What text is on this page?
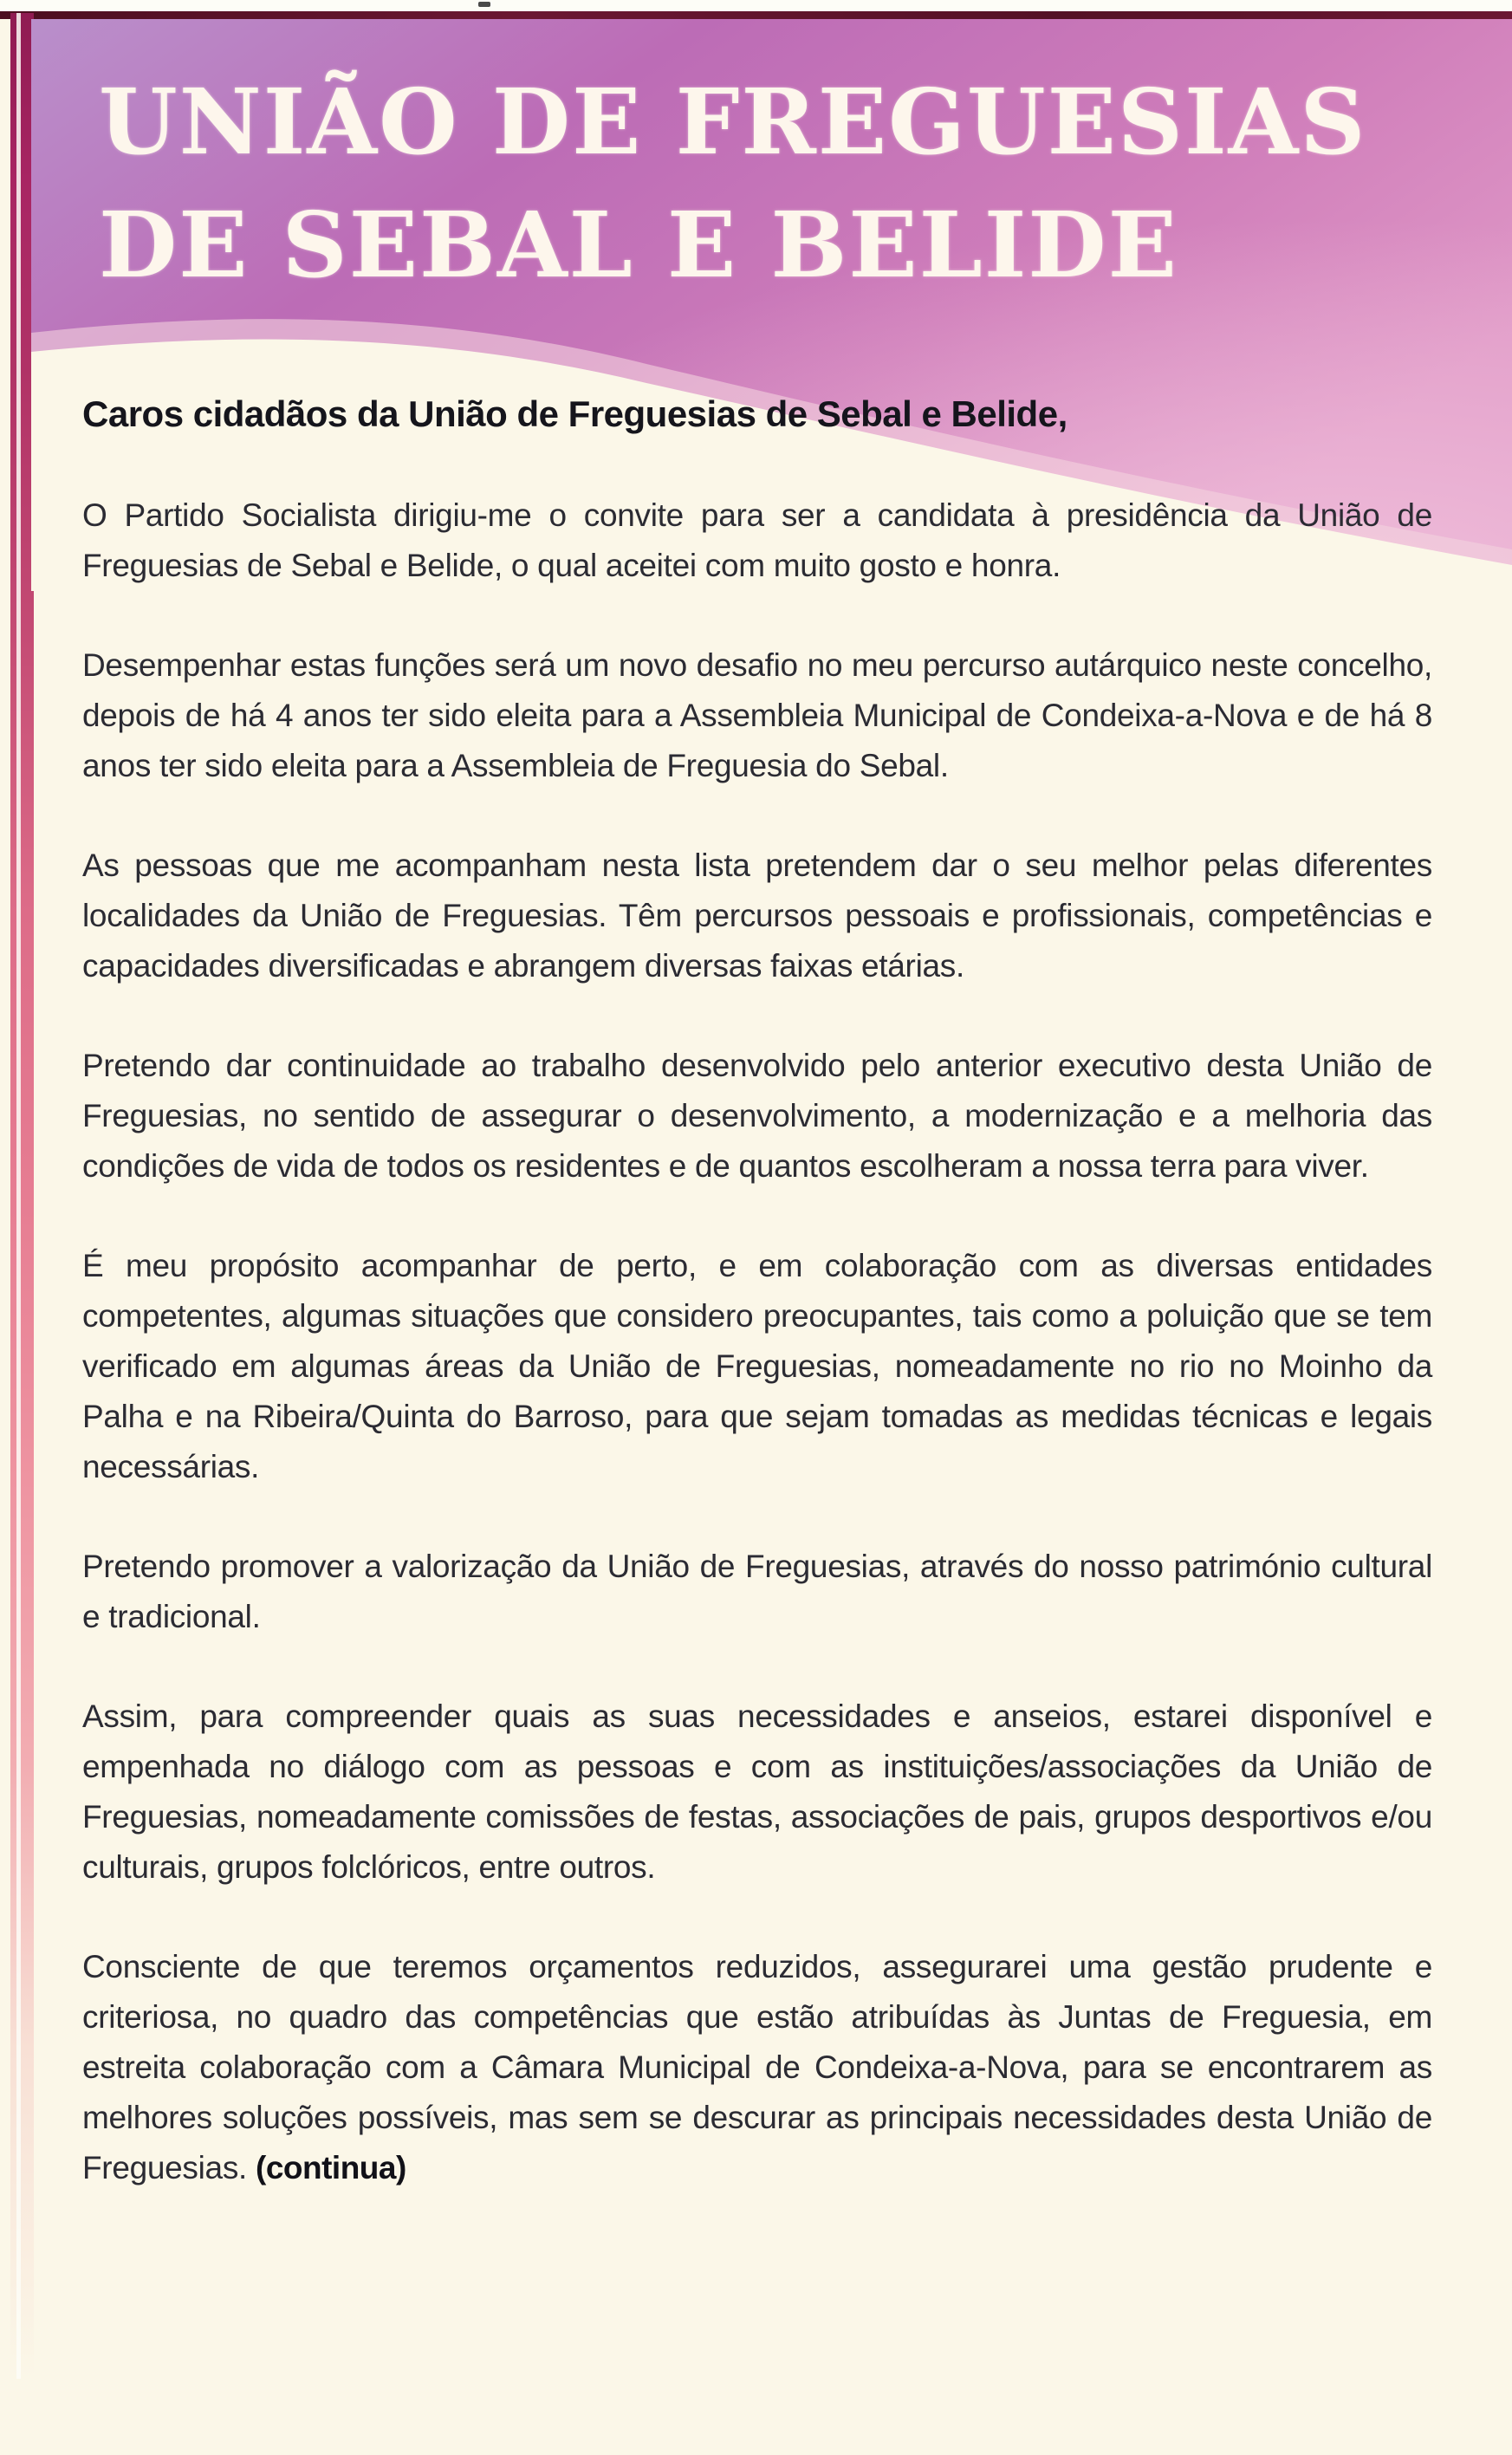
UNIÃO DE FREGUESIAS
DE SEBAL E BELIDE

Caros cidadãos da União de Freguesias de Sebal e Belide,

O Partido Socialista dirigiu-me o convite para ser a candidata à presidência da União de Freguesias de Sebal e Belide, o qual aceitei com muito gosto e honra.

Desempenhar estas funções será um novo desafio no meu percurso autárquico neste concelho, depois de há 4 anos ter sido eleita para a Assembleia Municipal de Condeixa-a-Nova e de há 8 anos ter sido eleita para a Assembleia de Freguesia do Sebal.

As pessoas que me acompanham nesta lista pretendem dar o seu melhor pelas diferentes localidades da União de Freguesias. Têm percursos pessoais e profissionais, competências e capacidades diversificadas e abrangem diversas faixas etárias.

Pretendo dar continuidade ao trabalho desenvolvido pelo anterior executivo desta União de Freguesias, no sentido de assegurar o desenvolvimento, a modernização e a melhoria das condições de vida de todos os residentes e de quantos escolheram a nossa terra para viver.

É meu propósito acompanhar de perto, e em colaboração com as diversas entidades competentes, algumas situações que considero preocupantes, tais como a poluição que se tem verificado em algumas áreas da União de Freguesias, nomeadamente no rio no Moinho da Palha e na Ribeira/Quinta do Barroso, para que sejam tomadas as medidas técnicas e legais necessárias.

Pretendo promover a valorização da União de Freguesias, através do nosso património cultural e tradicional.

Assim, para compreender quais as suas necessidades e anseios, estarei disponível e empenhada no diálogo com as pessoas e com as instituições/associações da União de Freguesias, nomeadamente comissões de festas, associações de pais, grupos desportivos e/ou culturais, grupos folclóricos, entre outros.

Consciente de que teremos orçamentos reduzidos, assegurarei uma gestão prudente e criteriosa, no quadro das competências que estão atribuídas às Juntas de Freguesia, em estreita colaboração com a Câmara Municipal de Condeixa-a-Nova, para se encontrarem as melhores soluções possíveis, mas sem se descurar as principais necessidades desta União de Freguesias. (continua)
